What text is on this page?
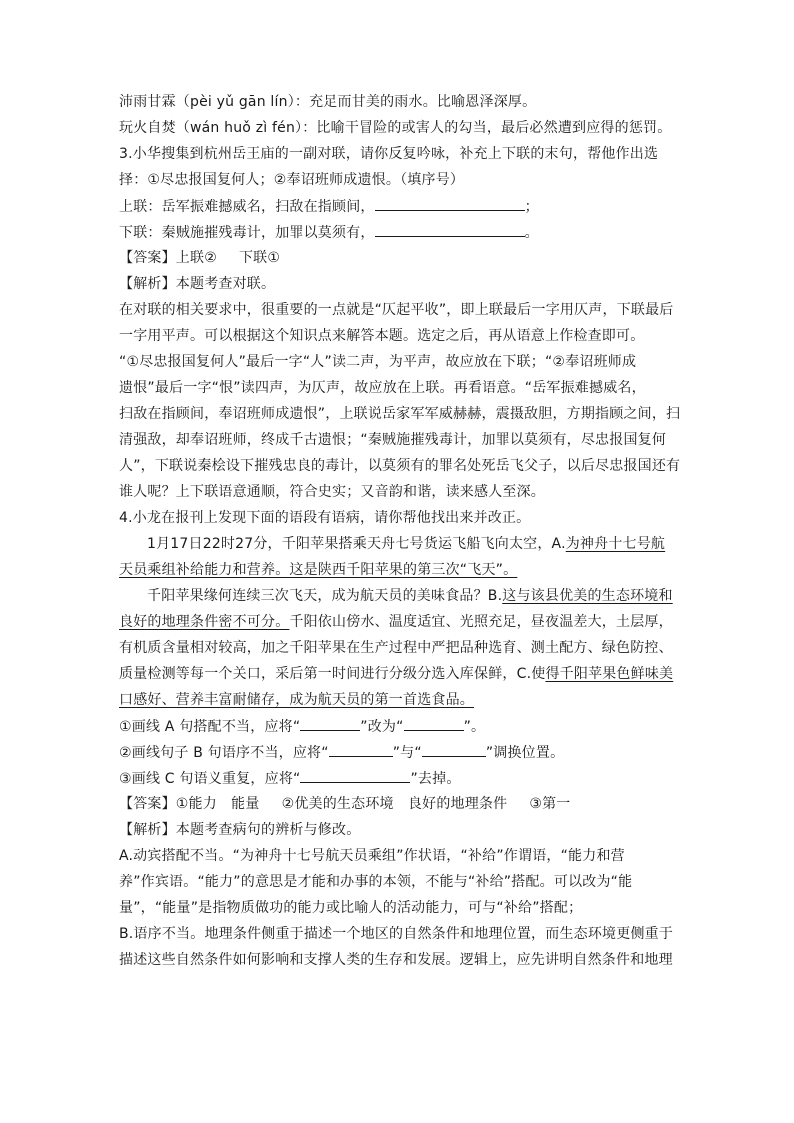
沛雨甘霖（pèi yǔ gān lín）：充足而甘美的雨水。比喻恩泽深厚。
玩火自焚（wán huǒ zì fén）：比喻干冒险的或害人的勾当，最后必然遭到应得的惩罚。
3.小华搜集到杭州岳王庙的一副对联，请你反复吟咏，补充上下联的末句，帮他作出选
择：①尽忠报国复何人；②奉诏班师成遗恨。（填序号）
上联：岳军振难撼威名，扫敌在指顾间，	；
下联：秦贼施摧残毒计，加罪以莫须有，	。
【答案】上联② 下联①
【解析】本题考查对联。
在对联的相关要求中，很重要的一点就是“仄起平收”，即上联最后一字用仄声，下联最后
一字用平声。可以根据这个知识点来解答本题。选定之后，再从语意上作检查即可。
“①尽忠报国复何人”最后一字“人”读二声，为平声，故应放在下联；“②奉诏班师成
遗恨”最后一字“恨”读四声，为仄声，故应放在上联。再看语意。“岳军振难撼威名，
扫敌在指顾间，奉诏班师成遗恨”，上联说岳家军军威赫赫，震摄敌胆，方期指顾之间，扫
清强敌，却奉诏班师，终成千古遗恨；“秦贼施摧残毒计，加罪以莫须有，尽忠报国复何
人”，下联说秦桧设下摧残忠良的毒计，以莫须有的罪名处死岳飞父子，以后尽忠报国还有
谁人呢？上下联语意通顺，符合史实；又音韵和谐，读来感人至深。
4.小龙在报刊上发现下面的语段有语病，请你帮他找出来并改正。
1月17日22时27分，千阳苹果搭乘天舟七号货运飞船飞向太空，A.为神舟十七号航
天员乘组补给能力和营养。这是陕西千阳苹果的第三次“飞天”。
千阳苹果缘何连续三次飞天，成为航天员的美味食品？B.这与该县优美的生态环境和
良好的地理条件密不可分。千阳依山傍水、温度适宜、光照充足，昼夜温差大，土层厚，
有机质含量相对较高，加之千阳苹果在生产过程中严把品种选育、测土配方、绿色防控、
质量检测等每一个关口，采后第一时间进行分级分选入库保鲜，C.使得千阳苹果色鲜味美
口感好、营养丰富耐储存，成为航天员的第一首选食品。
①画线 A 句搭配不当，应将“	”改为“	”。
②画线句子 B 句语序不当，应将“	”与“	”调换位置。
③画线 C 句语义重复，应将“	”去掉。
【答案】①能力　能量 ②优美的生态环境　良好的地理条件 ③第一
【解析】本题考查病句的辨析与修改。
A.动宾搭配不当。“为神舟十七号航天员乘组”作状语，“补给”作谓语，“能力和营
养”作宾语。“能力”的意思是才能和办事的本领，不能与“补给”搭配。可以改为“能
量”，“能量”是指物质做功的能力或比喻人的活动能力，可与“补给”搭配；
B.语序不当。地理条件侧重于描述一个地区的自然条件和地理位置，而生态环境更侧重于
描述这些自然条件如何影响和支撑人类的生存和发展。逻辑上，应先讲明自然条件和地理
